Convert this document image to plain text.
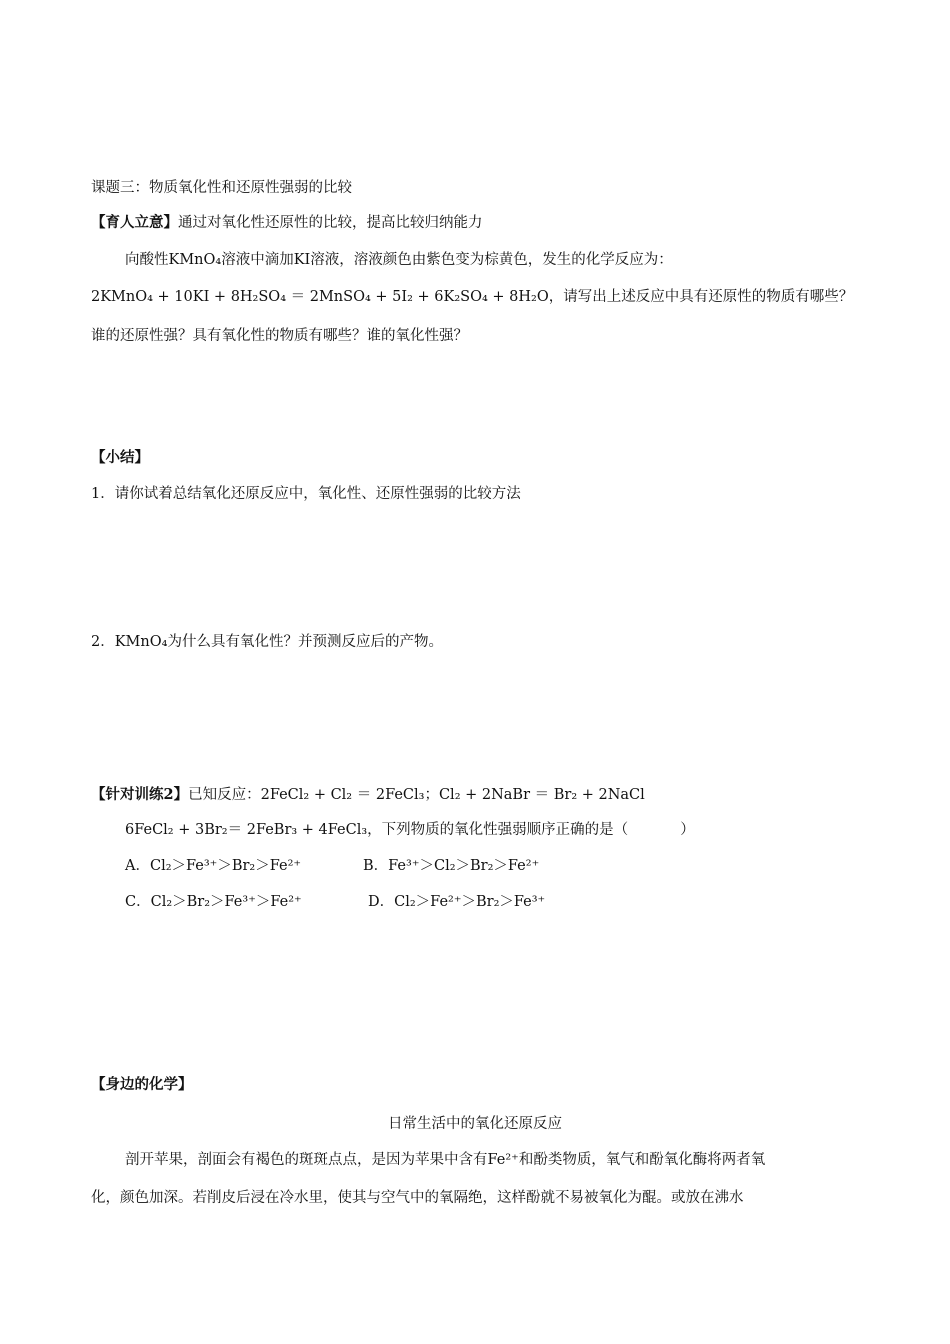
课题三：物质氧化性和还原性强弱的比较
【育人立意】通过对氧化性还原性的比较，提高比较归纳能力
向酸性KMnO₄溶液中滴加KI溶液，溶液颜色由紫色变为棕黄色，发生的化学反应为：
2KMnO₄ + 10KI + 8H₂SO₄ ＝ 2MnSO₄ + 5I₂ + 6K₂SO₄ + 8H₂O，请写出上述反应中具有还原性的物质有哪些？
谁的还原性强？具有氧化性的物质有哪些？谁的氧化性强？
【小结】
1．请你试着总结氧化还原反应中，氧化性、还原性强弱的比较方法
2．KMnO₄为什么具有氧化性？并预测反应后的产物。
【针对训练2】已知反应：2FeCl₂ + Cl₂ ＝ 2FeCl₃；Cl₂ + 2NaBr ＝ Br₂ + 2NaCl
6FeCl₂ + 3Br₂＝ 2FeBr₃ + 4FeCl₃，下列物质的氧化性强弱顺序正确的是（	）
A．Cl₂＞Fe³⁺＞Br₂＞Fe²⁺	B．Fe³⁺＞Cl₂＞Br₂＞Fe²⁺
C．Cl₂＞Br₂＞Fe³⁺＞Fe²⁺	D．Cl₂＞Fe²⁺＞Br₂＞Fe³⁺
【身边的化学】
日常生活中的氧化还原反应
剖开苹果，剖面会有褐色的斑斑点点，是因为苹果中含有Fe²⁺和酚类物质，氧气和酚氧化酶将两者氧
化，颜色加深。若削皮后浸在冷水里，使其与空气中的氧隔绝，这样酚就不易被氧化为醌。或放在沸水
